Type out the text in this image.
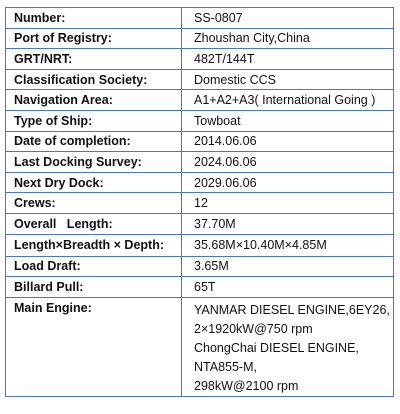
Number:	SS-0807
Port of Registry:	Zhoushan City,China
GRT/NRT:	482T/144T
Classification Society:	Domestic CCS
Navigation Area:	A1+A2+A3( International Going )
Type of Ship:	Towboat
Date of completion:	2014.06.06
Last Docking Survey:	2024.06.06
Next Dry Dock:	2029.06.06
Crews:	12
Overall   Length:	37.70M
Length×Breadth × Depth:	35.68M×10.40M×4.85M
Load Draft:	3.65M
Billard Pull:	65T
Main Engine:	YANMAR DIESEL ENGINE,6EY26,
2×1920kW@750 rpm
ChongChai DIESEL ENGINE,
NTA855-M,
298kW@2100 rpm
